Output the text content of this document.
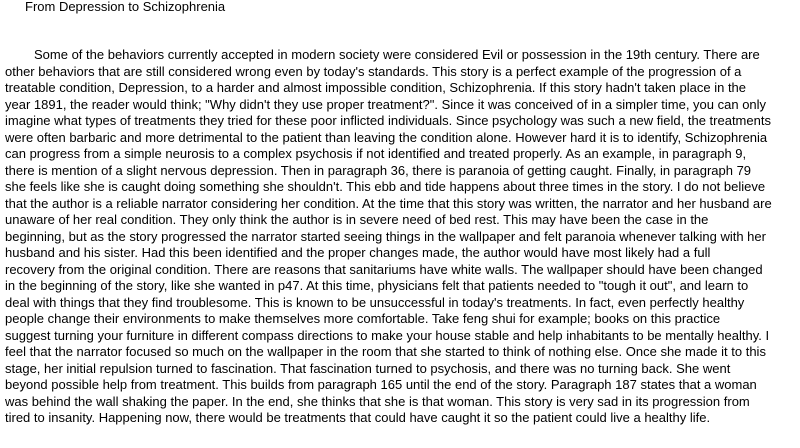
From Depression to Schizophrenia
Some of the behaviors currently accepted in modern society were considered Evil or possession in the 19th century. There are
other behaviors that are still considered wrong even by today's standards. This story is a perfect example of the progression of a
treatable condition, Depression, to a harder and almost impossible condition, Schizophrenia. If this story hadn't taken place in the
year 1891, the reader would think; "Why didn't they use proper treatment?". Since it was conceived of in a simpler time, you can only
imagine what types of treatments they tried for these poor inflicted individuals. Since psychology was such a new field, the treatments
were often barbaric and more detrimental to the patient than leaving the condition alone. However hard it is to identify, Schizophrenia
can progress from a simple neurosis to a complex psychosis if not identified and treated properly. As an example, in paragraph 9,
there is mention of a slight nervous depression. Then in paragraph 36, there is paranoia of getting caught. Finally, in paragraph 79
she feels like she is caught doing something she shouldn't. This ebb and tide happens about three times in the story. I do not believe
that the author is a reliable narrator considering her condition. At the time that this story was written, the narrator and her husband are
unaware of her real condition. They only think the author is in severe need of bed rest. This may have been the case in the
beginning, but as the story progressed the narrator started seeing things in the wallpaper and felt paranoia whenever talking with her
husband and his sister. Had this been identified and the proper changes made, the author would have most likely had a full
recovery from the original condition. There are reasons that sanitariums have white walls. The wallpaper should have been changed
in the beginning of the story, like she wanted in p47. At this time, physicians felt that patients needed to "tough it out", and learn to
deal with things that they find troublesome. This is known to be unsuccessful in today's treatments. In fact, even perfectly healthy
people change their environments to make themselves more comfortable. Take feng shui for example; books on this practice
suggest turning your furniture in different compass directions to make your house stable and help inhabitants to be mentally healthy. I
feel that the narrator focused so much on the wallpaper in the room that she started to think of nothing else. Once she made it to this
stage, her initial repulsion turned to fascination. That fascination turned to psychosis, and there was no turning back. She went
beyond possible help from treatment. This builds from paragraph 165 until the end of the story. Paragraph 187 states that a woman
was behind the wall shaking the paper. In the end, she thinks that she is that woman. This story is very sad in its progression from
tired to insanity. Happening now, there would be treatments that could have caught it so the patient could live a healthy life.
